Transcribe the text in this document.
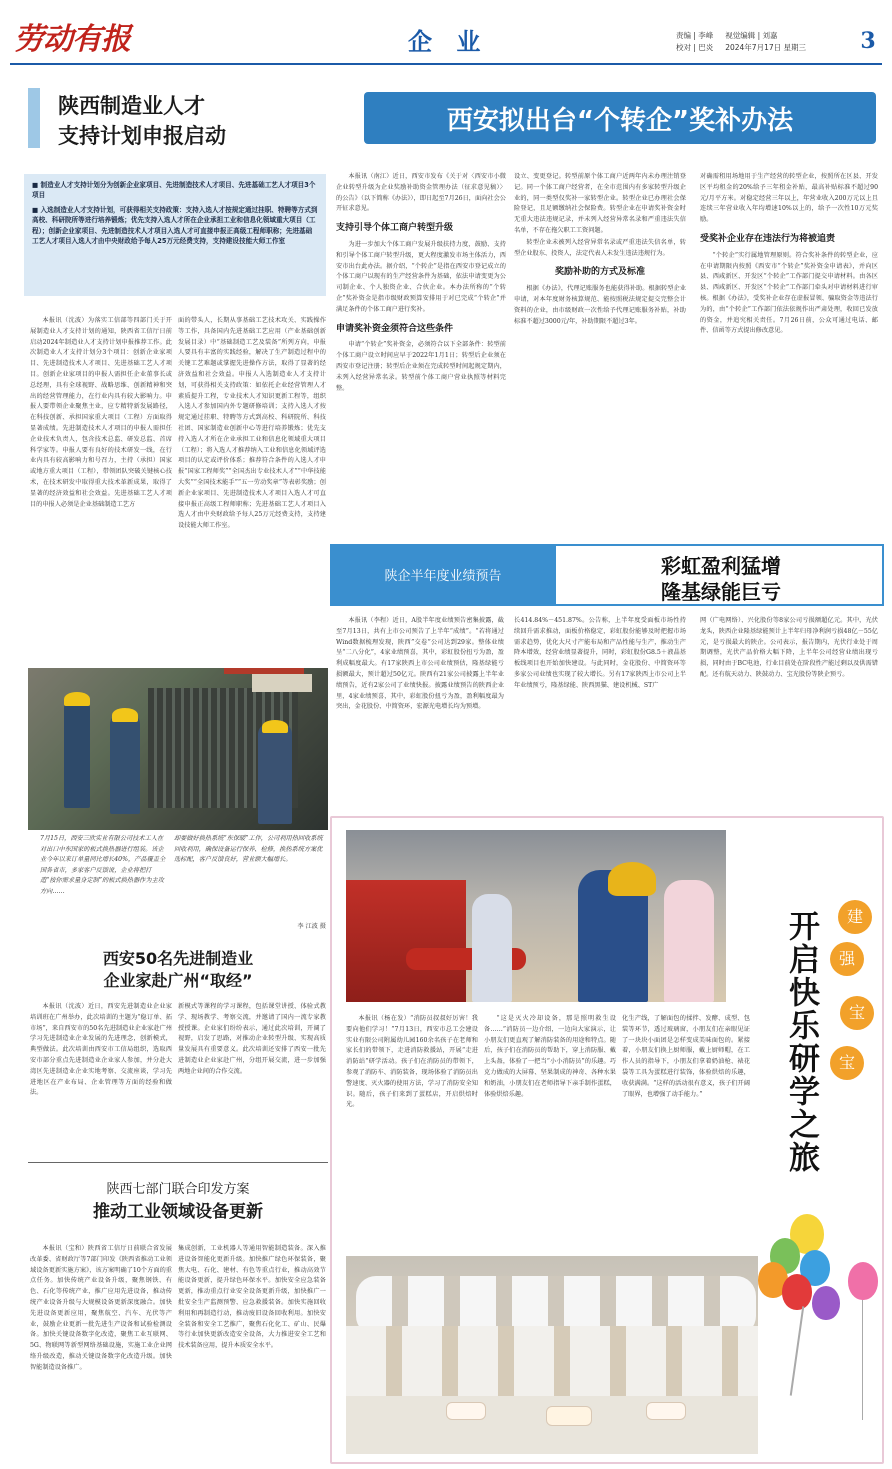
劳动有报	企 业	责编 | 李峰 视觉编辑 | 刘嘉
校对 | 巴炎 2024年7月17日 星期三 3
陕西制造业人才
支持计划申报启动
■ 制造业人才支持计划分为创新企业家项目、先进制造技术人才项目、先进基础工艺人才项目3个项目
■ 入选制造业人才支持计划，可获得相关支持政策：支持入选人才按规定通过挂职、特聘等方式到高校、科研院所等进行培养锻炼；优先支持入选人才所在企业承担工业和信息化领域重大项目（工程）；创新企业家项目、先进制造技术人才项目入选人才可直接申报正高级工程师职称；先进基础工艺人才项目入选人才由中央财政给予每人25万元经费支持，支持建设技能大师工作室

本报讯（沈波）为落实工信部等四部门关于开展制造业人才支持计划的通知，陕西省工信厅日前启动2024年制造业人才支持计划申报推荐工作。此次制造业人才支持计划分3个项目：创新企业家项目、先进制造技术人才项目、先进基础工艺人才项目。创新企业家项目的申报人需担任企业董事长或总经理，具有全球视野、战略思维、创新精神和突出的经营管理能力，在行业内具有较大影响力。申报人要带领企业聚焦主业，应专精特新发展路径，在科技创新、承担国家重大项目（工程）方面取得显著成绩。先进制造技术人才项目的申报人需担任企业技术负责人，包含技术总监、研发总监、首席科学家等。申报人要有良好的技术研发一线，在行业内具有较高影响力和号召力，主持（承担）国家或地方重大项目（工程），带领团队突破关键核心技术，在技术研发中取得重大技术革新成果，取得了显著的经济效益和社会效益。先进基础工艺人才项目的申报人必须是企业基础制造工艺方

面的带头人，长期从事基础工艺技术攻关、实践操作等工作，具备国内先进基础工艺应用（产业基础创新发展目录）中“基础制造工艺及装备”所列方向，申报人要具有丰富的实践经验，解决了生产制造过程中的关键工艺难题或掌握先进操作方法，取得了显著的经济效益和社会效益。申报人入选制造业人才支持计划，可获得相关支持政策：如依托企业经营管理人才素质提升工程，专业技术人才知识更新工程等，组织入选人才参加国内外专题研修培训；支持入选人才按规定通过挂职、特聘等方式到高校、科研院所、科技社团、国家制造业创新中心等进行培养锻炼；优先支持入选人才所在企业承担工业和信息化领域重大项目（工程）；将入选人才推荐纳入工业和信息化领域评选项目的认定或评价体系；推荐符合条件的入选人才申报“国家工程师奖”“全国杰出专业技术人才”“中华技能大奖”“全国技术能手”“五一劳动奖章”等表彰奖励；创新企业家项目、先进制造技术人才项目入选人才可直接申报正高级工程师职称；先进基础工艺人才项目入选人才由中央财政给予每人25万元经费支持，支持建设技能大师工作室。

7月15日，西安三欣实业有限公司技术工人在对出口中东国家的板式换热器进行组装。该企业今年以来订单量同比增长40%，产品覆盖全国各省市，多家客户反馈说，企业将把打造“按你需求量身定制”的板式换热器作为主攻方向……
却要做好换热系统“东保暖”工作，公司利用热回收系统回收利用，确保设备运行保养、检修，换热系统方案优选标配，客户反馈良好，营业额大幅增长。
李 江波 摄
西安50名先进制造业
企业家赴广州“取经”

本报讯（沈波）近日，西安先进制造业企业家培训班在广州举办，此次培训的主题为“稳订单、拓市场”，来自西安市的50名先进制造业企业家赴广州学习先进制造业企业发展的先进理念，创新模式，典型做法。此次培训由西安市工信局组织，选取西安市部分重点先进制造业企业家人参加，并分赴大湾区先进制造业企业实地考察、交流座谈，学习先进地区在产业布局、企业管理等方面的经验和做法。

新模式等课程的学习课程，包括课堂讲授、体验式教学、现场教学、考察交流，并邀请了国内一流专家教授授课。企业家们纷纷表示，通过此次培训，开阔了视野，启发了思路，对推动企业转型升级、实现高质量发展具有重要意义。此次培训还安排了西安一批先进制造业企业家赴广州，分组开展交流，进一步加强两地企业间的合作交流。

陕西七部门联合印发方案
推动工业领域设备更新

本报讯（宝和）陕西省工信厅日前联合省发展改革委、省财政厅等7部门印发《陕西省推动工业领域设备更新实施方案》，该方案明确了10个方面的重点任务。加快传统产业设备升级，聚焦钢铁、有色、石化等传统产业，推广应用先进设备，推动传统产业设备升级与大规模设备更新深度融合。加快先进设备更新应用，聚焦航空、汽车、光伏等产业，鼓励企业更新一批先进生产设备和试验检测设备。加快关键设备数字化改造，聚焦工业互联网、5G、物联网等新型网络基础设施，实施工业企业网络升级改造，推动关键设备数字化改造升级。加快智能制造设备推广。

集成创新，工业机器人等通用智能制造装备。深入推进设备智能化更新升级。加快推广绿色环保装备，聚焦大电、石化、建材、有色等重点行业，推动高效节能设备更新，提升绿色环保水平。加快安全应急装备更新，推动重点行业安全设备更新升级，加快推广一批安全生产监测预警、应急救援装备。加快实施回收利用和再制造行动，推动废旧设备回收利用。加快安全装备和安全工艺推广，聚焦石化化工、矿山、民爆等行业加快更新改造安全设备，大力推进安全工艺和技术装备应用，提升本质安全水平。

西安拟出台“个转企”奖补办法

本报讯（南江）近日，西安市发布《关于对〈西安市小微企业转型升级为企业奖励补助资金管理办法（征求意见稿）〉的公告》（以下简称《办法》），即日起至7月26日，面向社会公开征求意见。

支持引导个体工商户转型升级

为进一步加大个体工商户发展升级扶持力度，鼓励、支持和引导个体工商户转型升级，更大程度激发市场主体活力，西安市出台此办法。据介绍，“个转企”是指在西安市登记成立的个体工商户以现有的生产经营条件为基础，依法申请变更为公司制企业、个人独资企业、合伙企业。本办法所称的“个转企”奖补资金是指市级财政预算安排用于对已完成“个转企”并满足条件的个体工商户进行奖补。

申请奖补资金须符合这些条件

申请“个转企”奖补资金，必须符合以下全部条件：转型前个体工商户设立时间应早于2022年1月1日；转型后企业须在西安市登记注册；转型后企业须在完成转型时间起规定期内，未列入经营异常名录。转型前个体工商户营业执照等材料完整。

设立、变更登记。转型前原个体工商户近两年内未办理注销登记。同一个体工商户经营者，在全市范围内有多家转型升级企业的，同一类型仅奖补一家转型企业。转型企业已办理社会保险登记，且足额缴纳社会保险费。转型企业在申请奖补资金时无重大违法违规记录，并未列入经营异常名录和严重违法失信名单，不存在拖欠职工工资问题。

转型企业未被列入经营异常名录或严重违法失信名单，转型企业股东、投资人，法定代表人未发生违法违规行为。

奖励补助的方式及标准

根据《办法》，代理记账服务也能获得补助。根据转型企业申请，对本年度财务核算规范、能按照税法规定提交完整会计资料的企业，由市级财政一次性给予代理记账服务补贴，补助标准不超过3000元/年，补助期限不超过3年。

对确需租用场地用于生产经营的转型企业，按照所在区县、开发区平均租金的20%给予三年租金补贴，最高补贴标准不超过90元/月平方米。对稳定经营三年以上，年营业收入200万元以上且连续三年营业收入年均增速10%以上的，给予一次性10万元奖励。

受奖补企业存在违法行为将被追责

“个转企”实行属地管理原则。符合奖补条件的转型企业，应在申请期限内按照《西安市“个转企”奖补资金申请表》，并向区县、西咸新区、开发区“个转企”工作部门提交申请材料。由各区县、西咸新区、开发区“个转企”工作部门牵头对申请材料进行审核。根据《办法》，受奖补企业存在虚报冒领、骗取资金等违法行为的，由“个转企”工作部门依法依规作出严肃处理，收回已发放的资金，并追究相关责任。7月26日前，公众可通过电话、邮件、信函等方式提出修改意见。

陕企半年度业绩预告	彩虹盈利猛增
隆基绿能巨亏

本报讯（李程）近日，A股半年度业绩预告密集披露，截至7月13日，共有上市公司预告了上半年“成绩”。“若将通过Wind数据梳理发现，陕西”交卷”公司达到29家。整体业绩呈“二八分化”，4家业绩预喜，其中，彩虹股份扭亏为盈，盈利成幅度最大。有17家陕西上市公司业绩预估，隆基绿能亏损额最大，预计超过50亿元。陕西有21家公司披露上半年业绩预告，近有2家公司了业绩快报。披露业绩预告的陕西企业里，4家业绩预喜，其中，彩虹股份扭亏为盈，盈利幅度最为突出，金花股份、中简资环，宏源光电增长均为预增。

长414.84%－451.87%。公告称，上半年度受面板市场性持续回升需求推动，面板价格稳定，彩虹股份能够及时把握市场需求趋势，优化大尺寸产能布局和产品性能与生产，推动生产降本增效，经营业绩显著提升，同时，彩虹股份G8.5＋液晶基板线项目也开始加快建设。与此同时，金花股份、中简资环等多家公司业绩也实现了较大增长。另有17家陕西上市公司上半年业绩预亏，隆基绿能、陕西黑猫、建设机械、ST广

网（广电网络）、兴化股份等8家公司亏损额超亿元。其中，光伏龙头，陕西企业隆基绿能预计上半年归母净利润亏损48亿－55亿元，是亏损最大的陕企。公司表示，报告期内，光伏行业处于周期调整，光伏产品价格大幅下降，上半年公司经营业绩出现亏损，同时由于BC电池，行业目前处在阶段性产能过剩以及供需错配。还有航天动力、陕鼓动力、宝光股份等陕企预亏。

建
强
宝
宝
开启快乐研学之旅

本报讯（杨在发）“消防员叔叔好厉害！我要向他们学习！”7月13日，西安市总工会建设实业有限公司附属幼儿园160余名孩子在老师和家长们的带领下，走进消防救援站，开展“走进消防站”研学活动。孩子们在消防员的带领下，参观了消防车、消防装备，现场体验了消防员出警速度、灭火器的使用方法，学习了消防安全知识。随后，孩子们来到了蛋糕店，开启烘焙时光。

“这是灭火冷却设备，那是照明救生设备……”消防员一边介绍，一边向大家演示，让小朋友们更直观了解消防装备的用途和特点。随后，孩子们在消防员的帮助下，穿上消防服、戴上头盔，体验了一把当“小小消防员”的乐趣。巧克力做成的大屏幕、坚果制成的神奇、各种水果和奶油，小朋友们在老师指导下亲手制作蛋糕，体验烘焙乐趣。

化生产线，了解面包的揉拌、发酵、成型、包装等环节，透过玻璃窗，小朋友们在亲眼见证了一块块小面团是怎样变成美味面包的。紧接着，小朋友们换上厨师服，戴上厨师帽，在工作人员的指导下，小朋友们拿着奶油枪、裱花袋等工具为蛋糕进行装饰，体验烘焙的乐趣，收获满满。“这样的活动很有意义，孩子们开阔了眼界，也增强了动手能力。”
